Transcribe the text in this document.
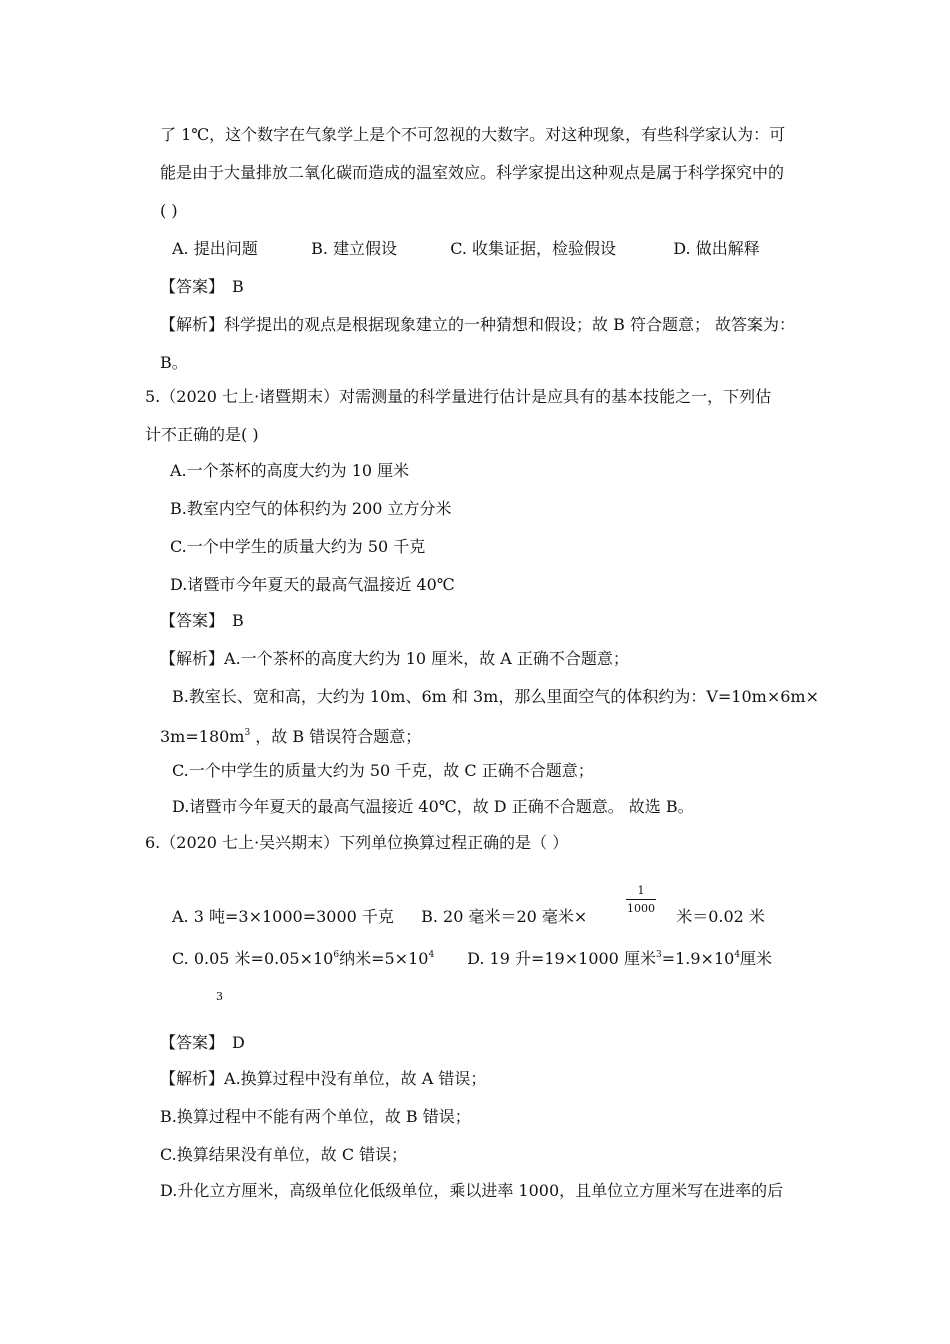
了 1℃，这个数字在气象学上是个不可忽视的大数字。对这种现象，有些科学家认为：可
能是由于大量排放二氧化碳而造成的温室效应。科学家提出这种观点是属于科学探究中的
( )
A. 提出问题	B. 建立假设	C. 收集证据，检验假设	D. 做出解释
【答案】 B
【解析】科学提出的观点是根据现象建立的一种猜想和假设；故 B 符合题意； 故答案为：
B。
5.（2020 七上·诸暨期末）对需测量的科学量进行估计是应具有的基本技能之一，下列估
计不正确的是( )
A.一个茶杯的高度大约为 10 厘米
B.教室内空气的体积约为 200 立方分米
C.一个中学生的质量大约为 50 千克
D.诸暨市今年夏天的最高气温接近 40℃
【答案】 B
【解析】A.一个茶杯的高度大约为 10 厘米，故 A 正确不合题意；
B.教室长、宽和高，大约为 10m、6m 和 3m，那么里面空气的体积约为：V=10m×6m×
$3m=180m^3$ ，故 B 错误符合题意；
C.一个中学生的质量大约为 50 千克，故 C 正确不合题意；
D.诸暨市今年夏天的最高气温接近 40℃，故 D 正确不合题意。 故选 B。
6.（2020 七上·吴兴期末）下列单位换算过程正确的是（ ）
1
1000
A. 3 吨=3×1000=3000 千克 B. 20 毫米＝20 毫米×	米＝0.02 米
C. 0.05 米$=0.05\times 10^6$纳米$=5\times 10^4$ D. 19 升=19×1000 厘米$^3=1.9\times 10^4$厘米
3
【答案】 D
【解析】A.换算过程中没有单位，故 A 错误；
B.换算过程中不能有两个单位，故 B 错误；
C.换算结果没有单位，故 C 错误；
D.升化立方厘米，高级单位化低级单位，乘以进率 1000，且单位立方厘米写在进率的后
